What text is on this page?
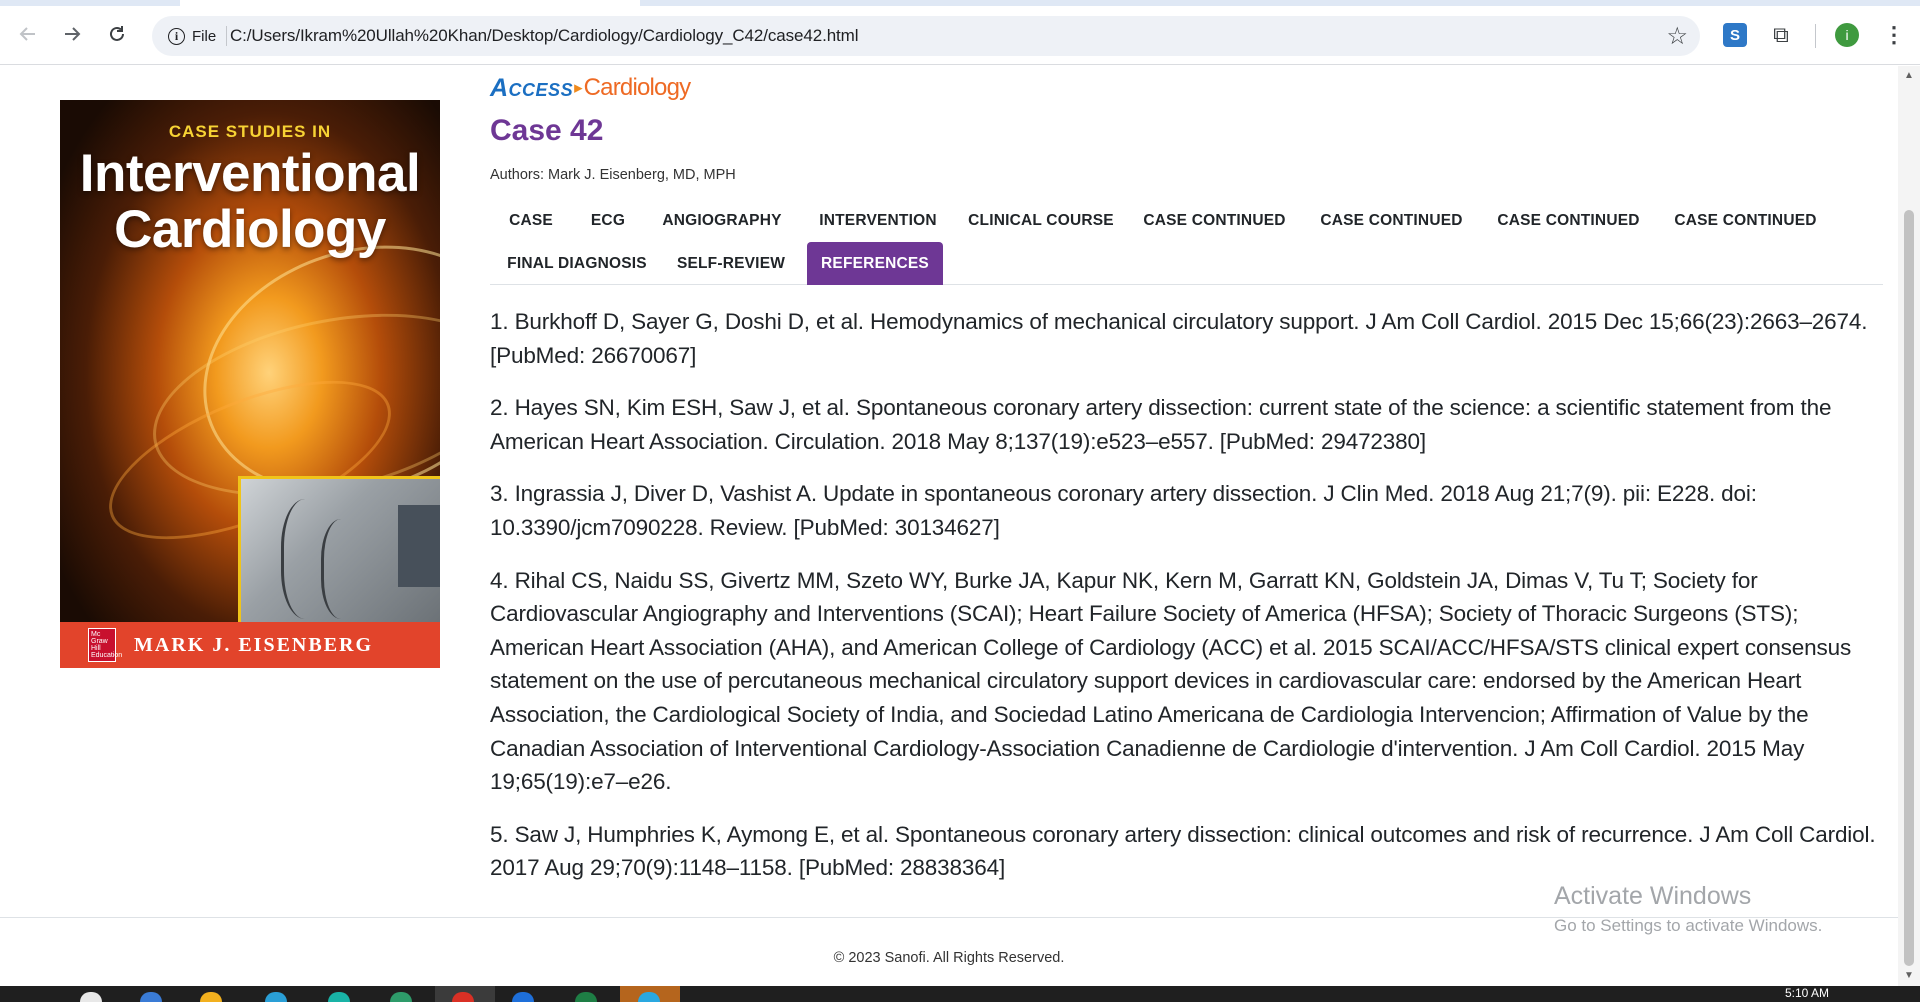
i File C:/Users/Ikram%20Ullah%20Khan/Desktop/Cardiology/Cardiology_C42/case42.html	☆	S	⧉	i	⋮
CASE STUDIES IN
Interventional
Cardiology
Mc
Graw
Hill
Education MARK J. EISENBERG
Access ▸ Cardiology
Case 42
Authors: Mark J. Eisenberg, MD, MPH
CASE	ECG	ANGIOGRAPHY	INTERVENTION	CLINICAL COURSE	CASE CONTINUED	CASE CONTINUED	CASE CONTINUED	CASE CONTINUED
FINAL DIAGNOSIS	SELF-REVIEW	REFERENCES

1. Burkhoff D, Sayer G, Doshi D, et al. Hemodynamics of mechanical circulatory support. J Am Coll Cardiol. 2015 Dec 15;66(23):2663–2674. [PubMed: 26670067]

2. Hayes SN, Kim ESH, Saw J, et al. Spontaneous coronary artery dissection: current state of the science: a scientific statement from the American Heart Association. Circulation. 2018 May 8;137(19):e523–e557. [PubMed: 29472380]

3. Ingrassia J, Diver D, Vashist A. Update in spontaneous coronary artery dissection. J Clin Med. 2018 Aug 21;7(9). pii: E228. doi: 10.3390/jcm7090228. Review. [PubMed: 30134627]

4. Rihal CS, Naidu SS, Givertz MM, Szeto WY, Burke JA, Kapur NK, Kern M, Garratt KN, Goldstein JA, Dimas V, Tu T; Society for Cardiovascular Angiography and Interventions (SCAI); Heart Failure Society of America (HFSA); Society of Thoracic Surgeons (STS); American Heart Association (AHA), and American College of Cardiology (ACC) et al. 2015 SCAI/ACC/HFSA/STS clinical expert consensus statement on the use of percutaneous mechanical circulatory support devices in cardiovascular care: endorsed by the American Heart Association, the Cardiological Society of India, and Sociedad Latino Americana de Cardiologia Intervencion; Affirmation of Value by the Canadian Association of Interventional Cardiology-Association Canadienne de Cardiologie d'intervention. J Am Coll Cardiol. 2015 May 19;65(19):e7–e26.

5. Saw J, Humphries K, Aymong E, et al. Spontaneous coronary artery dissection: clinical outcomes and risk of recurrence. J Am Coll Cardiol. 2017 Aug 29;70(9):1148–1158. [PubMed: 28838364]

© 2023 Sanofi. All Rights Reserved.
Activate Windows
Go to Settings to activate Windows.
▲
▼
5:10 AM
